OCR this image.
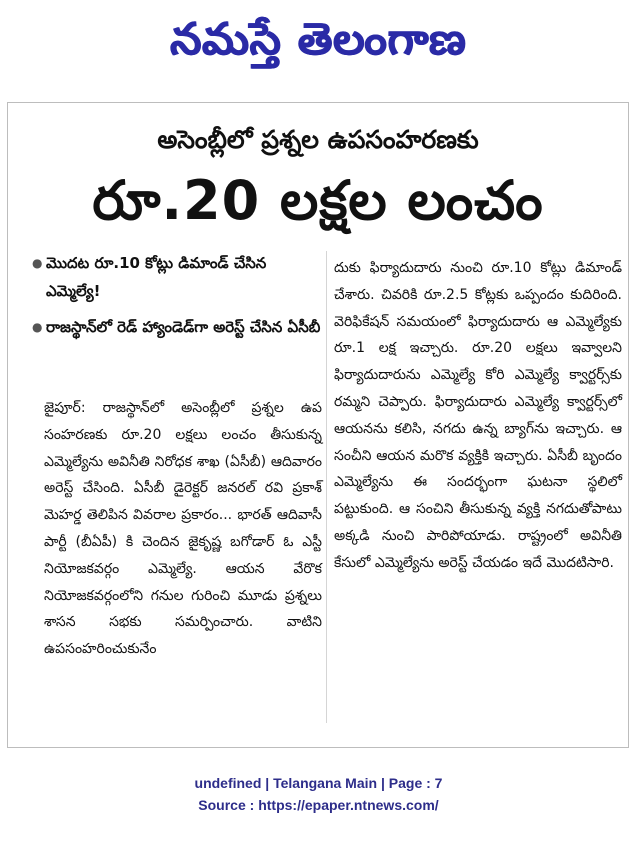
నమస్తే తెలంగాణ
అసెంబ్లీలో ప్రశ్నల ఉపసంహరణకు
రూ.20 లక్షల లంచం
● మొదట రూ.10 కోట్లు డిమాండ్ చేసిన ఎమ్మెల్యే!
● రాజస్థాన్‌లో రెడ్ హ్యాండెడ్‌గా అరెస్ట్ చేసిన ఏసీబీ
జైపూర్: రాజస్థాన్‌లో అసెంబ్లీలో ప్రశ్నల ఉప సంహరణకు రూ.20 లక్షలు లంచం తీసుకున్న ఎమ్మెల్యేను అవినీతి నిరోధక శాఖ (ఏసీబీ) ఆదివారం అరెస్ట్ చేసింది. ఏసీబీ డైరెక్టర్ జనరల్ రవి ప్రకాశ్ మెహర్డ తెలిపిన వివరాల ప్రకారం... భారత్ ఆదివాసీ పార్టీ (బీఏపీ) కి చెందిన జైకృష్ణ బగోడార్ ఓ ఎస్టీ నియోజకవర్గం ఎమ్మెల్యే. ఆయన వేరొక నియోజకవర్గంలోని గనుల గురించి మూడు ప్రశ్నలు శాసన సభకు సమర్పించారు. వాటిని ఉపసంహరించుకునేం
దుకు ఫిర్యాదుదారు నుంచి రూ.10 కోట్లు డిమాండ్ చేశారు. చివరికి రూ.2.5 కోట్లకు ఒప్పందం కుదిరింది. వెరిఫికేషన్ సమయంలో ఫిర్యాదుదారు ఆ ఎమ్మెల్యేకు రూ.1 లక్ష ఇచ్చారు. రూ.20 లక్షలు ఇవ్వాలని ఫిర్యాదుదారును ఎమ్మెల్యే కోరి ఎమ్మెల్యే క్వార్టర్స్‌కు రమ్మని చెప్పారు. ఫిర్యాదుదారు ఎమ్మెల్యే క్వార్టర్స్‌లో ఆయనను కలిసి, నగదు ఉన్న బ్యాగ్‌ను ఇచ్చారు. ఆ సంచీని ఆయన మరొక వ్యక్తికి ఇచ్చారు. ఏసీబీ బృందం ఎమ్మెల్యేను ఈ సందర్భంగా ఘటనా స్థలిలో పట్టుకుంది. ఆ సంచిని తీసుకున్న వ్యక్తి నగదుతోపాటు అక్కడి నుంచి పారిపోయాడు. రాష్ట్రంలో అవినీతి కేసులో ఎమ్మెల్యేను అరెస్ట్ చేయడం ఇదే మొదటిసారి.
undefined | Telangana Main | Page : 7
Source : https://epaper.ntnews.com/
